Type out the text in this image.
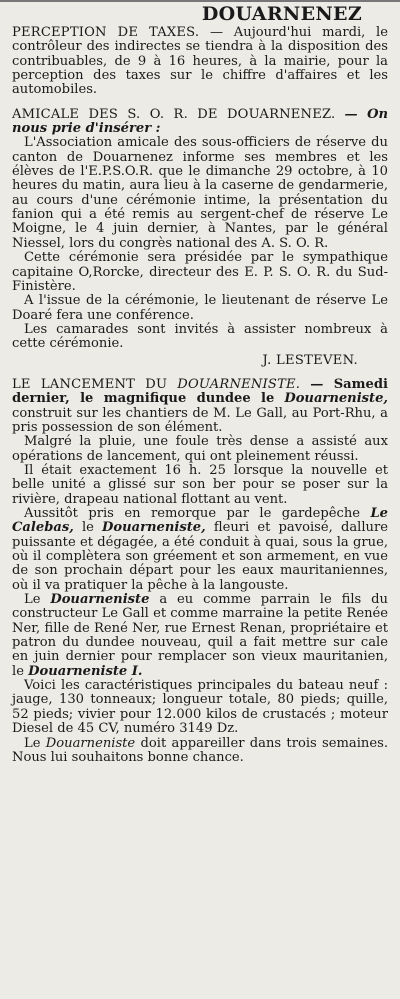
DOUARNENEZ

PERCEPTION DE TAXES. — Aujourd'hui mardi, le contrôleur des indirectes se tiendra à la disposition des contribuables, de 9 à 16 heures, à la mairie, pour la perception des taxes sur le chiffre d'affaires et les automobiles.

AMICALE DES S. O. R. DE DOUARNENEZ. — On nous prie d'insérer :

L'Association amicale des sous-officiers de réserve du canton de Douarnenez informe ses membres et les élèves de l'E.P.S.O.R. que le dimanche 29 octobre, à 10 heures du matin, aura lieu à la caserne de gendarmerie, au cours d'une cérémonie intime, la présentation du fanion qui a été remis au sergent-chef de réserve Le Moigne, le 4 juin dernier, à Nantes, par le général Niessel, lors du congrès national des A. S. O. R.

Cette cérémonie sera présidée par le sympathique capitaine O,Rorcke, directeur des E. P. S. O. R. du Sud-Finistère.

A l'issue de la cérémonie, le lieutenant de réserve Le Doaré fera une conférence.

Les camarades sont invités à assister nombreux à cette cérémonie.

J. LESTEVEN.

LE LANCEMENT DU DOUARNENISTE. — Samedi dernier, le magnifique dundee le Douarneniste, construit sur les chantiers de M. Le Gall, au Port-Rhu, a pris possession de son élément.

Malgré la pluie, une foule très dense a assisté aux opérations de lancement, qui ont pleinement réussi.

Il était exactement 16 h. 25 lorsque la nouvelle et belle unité a glissé sur son ber pour se poser sur la rivière, drapeau national flottant au vent.

Aussitôt pris en remorque par le gardepêche Le Calebas, le Douarneniste, fleuri et pavoisé, dallure puissante et dégagée, a été conduit à quai, sous la grue, où il complètera son gréement et son armement, en vue de son prochain départ pour les eaux mauritaniennes, où il va pratiquer la pêche à la langouste.

Le Douarneniste a eu comme parrain le fils du constructeur Le Gall et comme marraine la petite Renée Ner, fille de René Ner, rue Ernest Renan, propriétaire et patron du dundee nouveau, quil a fait mettre sur cale en juin dernier pour remplacer son vieux mauritanien, le Douarneniste I.

Voici les caractéristiques principales du bateau neuf : jauge, 130 tonneaux; longueur totale, 80 pieds; quille, 52 pieds; vivier pour 12.000 kilos de crustacés ; moteur Diesel de 45 CV, numéro 3149 Dz.

Le Douarneniste doit appareiller dans trois semaines. Nous lui souhaitons bonne chance.
